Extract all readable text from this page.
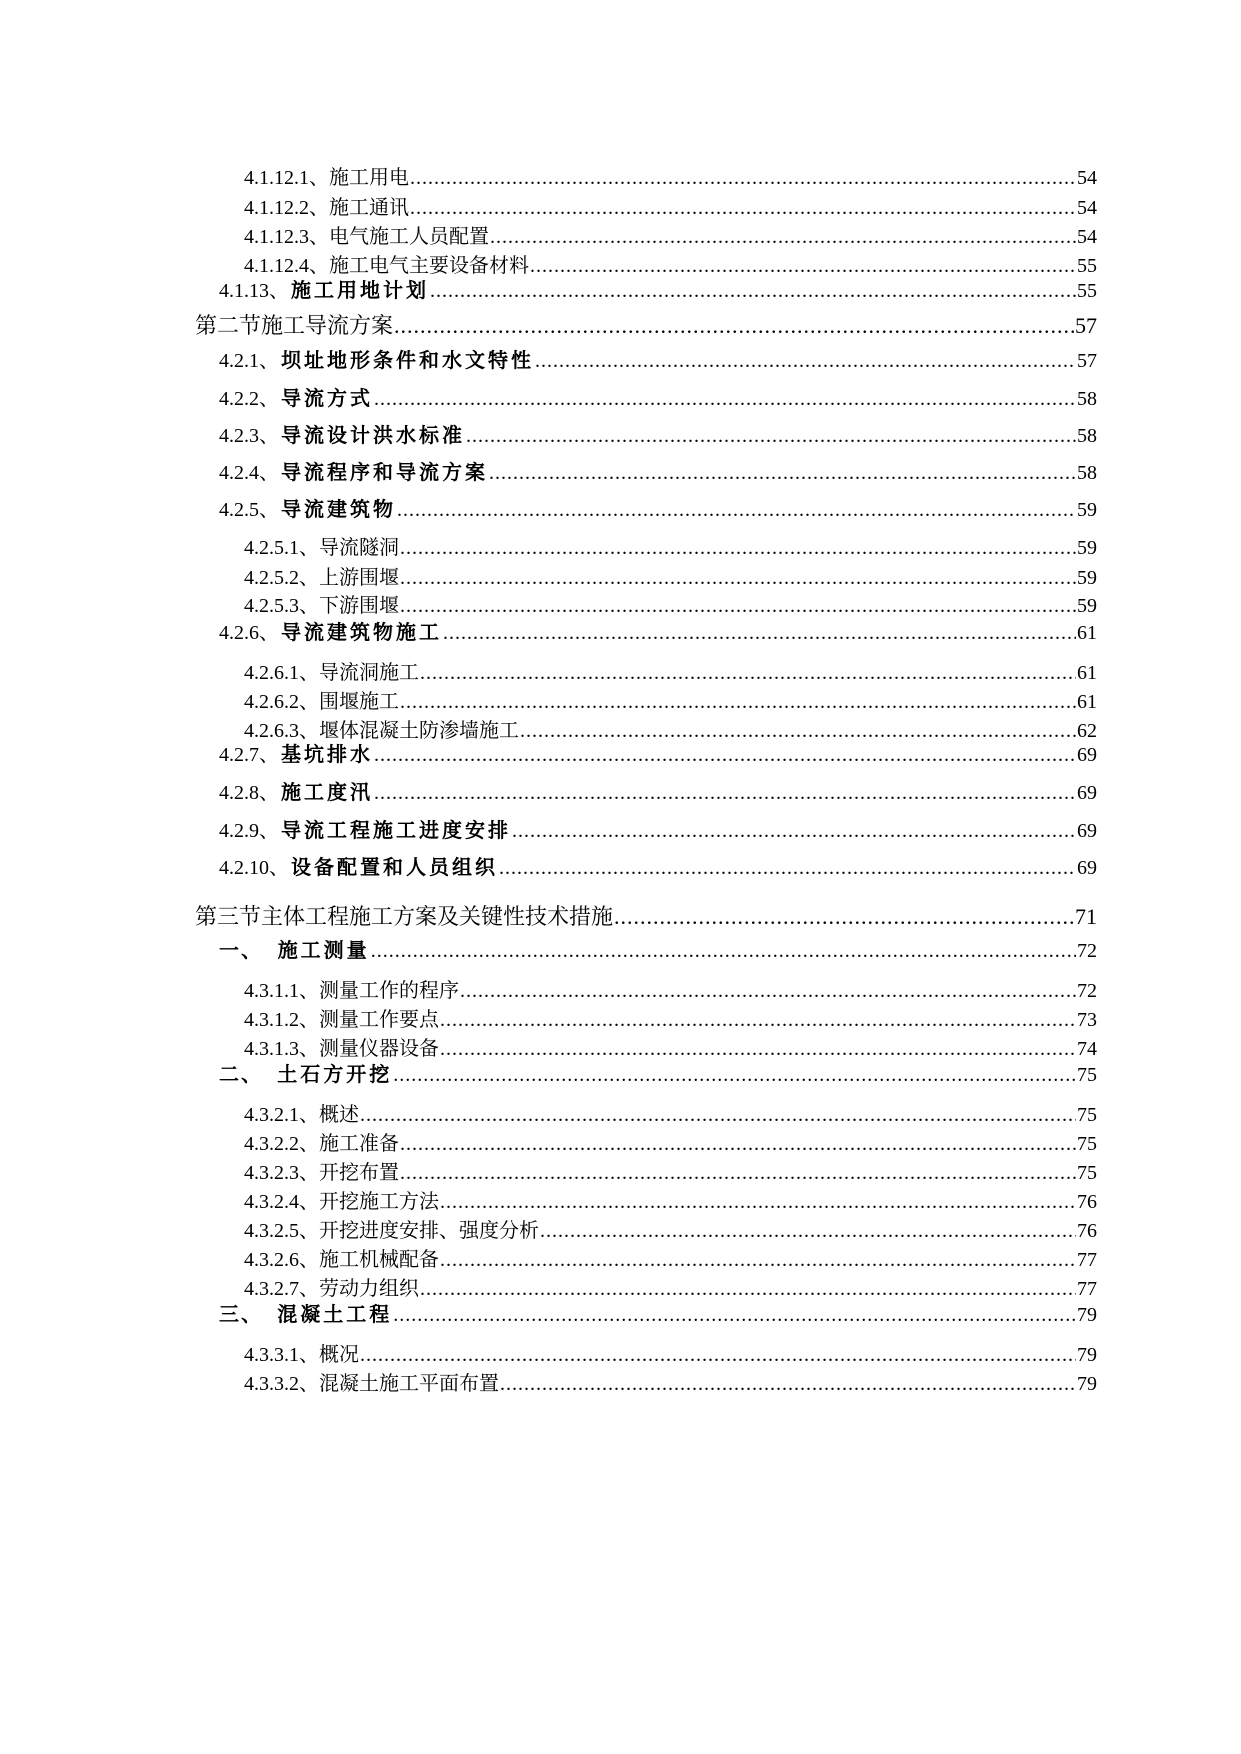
4.1.12.1 、 施工用电 .....	54
4.1.12.2 、 施工通讯 .....	54
4.1.12.3 、 电气施工人员配置 .....	54
4.1.12.4 、 施工电气主要设备材料 .....	55
4.1.13 、 施工用地计划 .....	55
第二节 施工导流方案 .....	57
4.2.1 、 坝址地形条件和水文特性 .....	57
4.2.2 、 导流方式 .....	58
4.2.3 、 导流设计洪水标准 .....	58
4.2.4 、 导流程序和导流方案 .....	58
4.2.5 、 导流建筑物 .....	59
4.2.5.1 、 导流隧洞 .....	59
4.2.5.2 、 上游围堰 .....	59
4.2.5.3 、 下游围堰 .....	59
4.2.6 、 导流建筑物施工 .....	61
4.2.6.1 、 导流洞施工 .....	61
4.2.6.2 、 围堰施工 .....	61
4.2.6.3 、 堰体混凝土防渗墙施工 .....	62
4.2.7 、 基坑排水 .....	69
4.2.8 、 施工度汛 .....	69
4.2.9 、 导流工程施工进度安排 .....	69
4.2.10 、 设备配置和人员组织 .....	69
第三节 主体工程施工方案及关键性技术措施 .....	71
一、 施工测量 .....	72
4.3.1.1 、 测量工作的程序 .....	72
4.3.1.2 、 测量工作要点 .....	73
4.3.1.3 、 测量仪器设备 .....	74
二、 土石方开挖 .....	75
4.3.2.1 、 概述 .....	75
4.3.2.2 、 施工准备 .....	75
4.3.2.3 、 开挖布置 .....	75
4.3.2.4 、 开挖施工方法 .....	76
4.3.2.5 、 开挖进度安排、强度分析 .....	76
4.3.2.6 、 施工机械配备 .....	77
4.3.2.7 、 劳动力组织 .....	77
三、 混凝土工程 .....	79
4.3.3.1 、 概况 .....	79
4.3.3.2 、 混凝土施工平面布置 .....	79
